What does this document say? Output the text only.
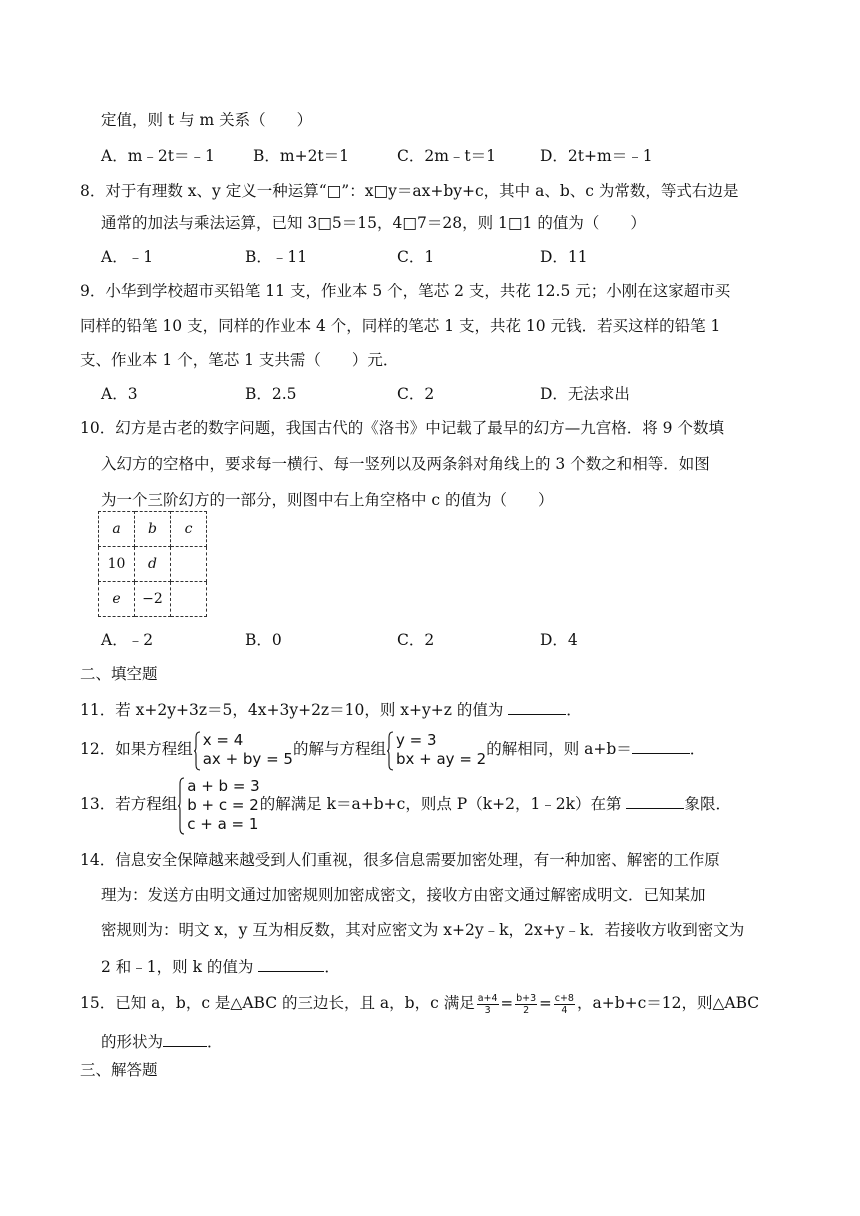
定值，则 t 与 m 关系（　　）
A．m﹣2t＝﹣1 B．m+2t＝1	C．2m﹣t＝1	D．2t+m＝﹣1
8．对于有理数 x、y 定义一种运算“□”：x□y＝ax+by+c，其中 a、b、c 为常数，等式右边是
通常的加法与乘法运算，已知 3□5＝15，4□7＝28，则 1□1 的值为（　　）
A．﹣1	B．﹣11	C．1	D．11
9．小华到学校超市买铅笔 11 支，作业本 5 个，笔芯 2 支，共花 12.5 元；小刚在这家超市买
同样的铅笔 10 支，同样的作业本 4 个，同样的笔芯 1 支，共花 10 元钱．若买这样的铅笔 1
支、作业本 1 个，笔芯 1 支共需（　　）元．
A．3	B．2.5	C．2	D．无法求出
10．幻方是古老的数字问题，我国古代的《洛书》中记载了最早的幻方—九宫格．将 9 个数填
入幻方的空格中，要求每一横行、每一竖列以及两条斜对角线上的 3 个数之和相等．如图
为一个三阶幻方的一部分，则图中右上角空格中 c 的值为（　　）
a	b	c
10	d	
e	−2	
A．﹣2	B．0	C．2	D．4
二、填空题
11．若 x+2y+3z＝5，4x+3y+2z＝10，则 x+y+z 的值为	．
12．如果方程组 x = 4
ax + by = 5
的解与方程组 y = 3
bx + ay = 2
的解相同，则 a+b＝	．
13．若方程组
a + b = 3
b + c = 2
c + a = 1
的解满足 k＝a+b+c，则点 P（k+2，1﹣2k）在第	象限．
14．信息安全保障越来越受到人们重视，很多信息需要加密处理，有一种加密、解密的工作原
理为：发送方由明文通过加密规则加密成密文，接收方由密文通过解密成明文．已知某加
密规则为：明文 x，y 互为相反数，其对应密文为 x+2y﹣k，2x+y﹣k．若接收方收到密文为
2 和﹣1，则 k 的值为	．
15．已知 a，b，c 是△ABC 的三边长，且 a，b，c 满足 $\frac{a+4}{3} = \frac{b+3}{2} = \frac{c+8}{4}$ ，a+b+c＝12，则△ABC
的形状为	．
三、解答题
